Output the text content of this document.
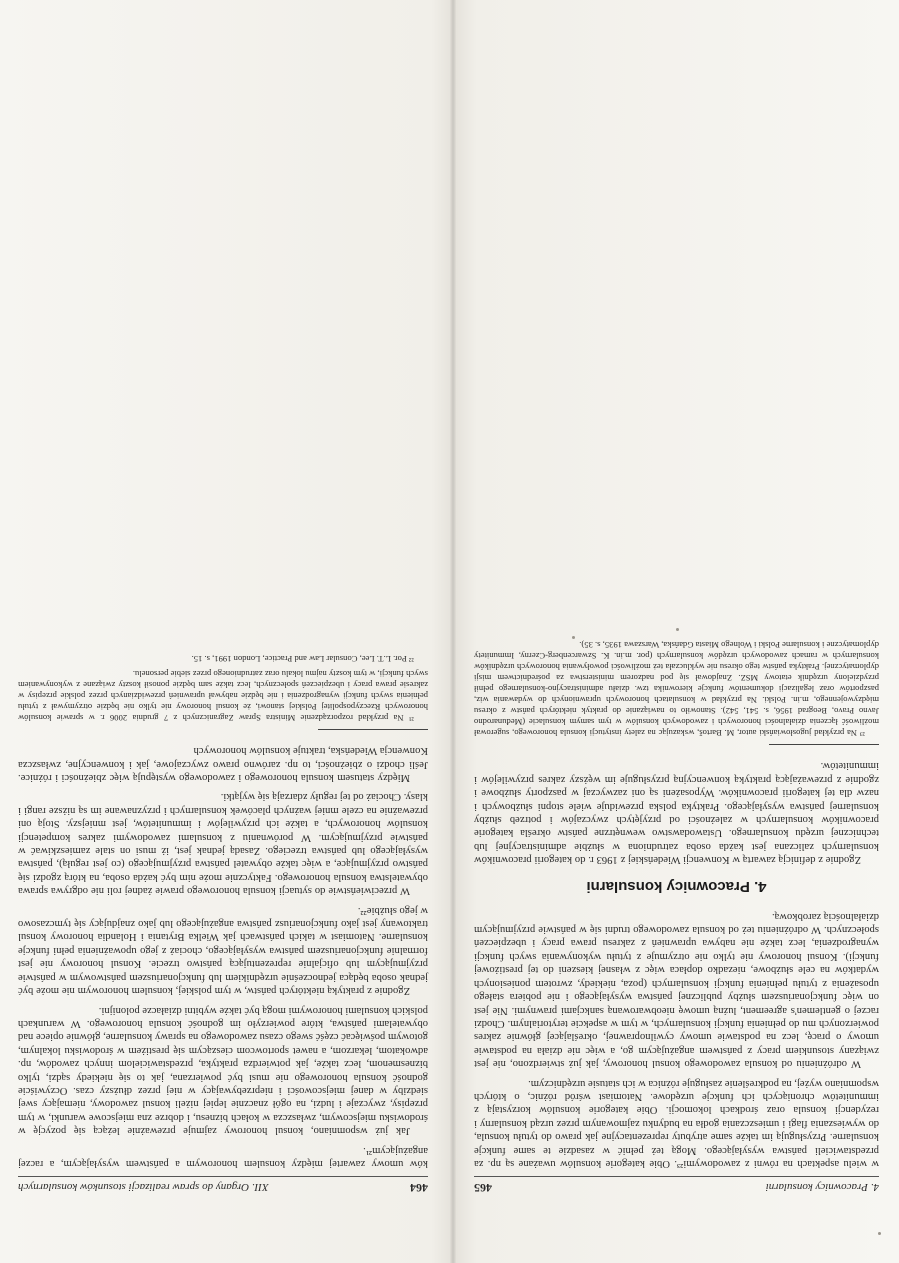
464
XII. Organy do spraw realizacji stosunków konsularnych

ków umowy zawartej między konsulem honorowym a państwem wysyłającym, a raczej angażującym²¹.

Jak już wspomniano, konsul honorowy zajmuje przeważnie leżącą się pozycję w środowisku miejscowym, zwłaszcza w kołach biznesu, i dobrze zna miejscowe warunki, w tym przepisy, zwyczaje i ludzi, na ogół znacznie lepiej niżeli konsul zawodowy, niemający swej siedziby w danej miejscowości i nieprzebywający w niej przez dłuższy czas. Oczywiście godność konsula honorowego nie musi być powierzana, jak to się niekiedy sądzi, tylko biznesmenom, lecz także, jak potwierdza praktyka, przedstawicielom innych zawodów, np. adwokatom, lekarzom, a nawet sportowcom cieszącym się prestiżem w środowisku lokalnym, gotowym poświęcać część swego czasu zawodowego na sprawy konsularne, głównie opiece nad obywatelami państwa, które powierzyło im godność konsula honorowego. W warunkach polskich konsulami honorowymi mogą być także wybitni działacze polonijni.

Zgodnie z praktyką niektórych państw, w tym polskiej, konsulem honorowym nie może być jednak osoba będąca jednocześnie urzędnikiem lub funkcjonariuszem państwowym w państwie przyjmującym lub oficjalnie reprezentującą państwo trzecie. Konsul honorowy nie jest formalnie funkcjonariuszem państwa wysyłającego, chociaż z jego upoważnienia pełni funkcje konsularne. Natomiast w takich państwach jak Wielka Brytania i Holandia honorowy konsul traktowany jest jako funkcjonariusz państwa angażującego lub jako znajdujący się tymczasowo w jego służbie²².

W przeciwieństwie do sytuacji konsula honorowego prawie żadnej roli nie odgrywa sprawa obywatelstwa konsula honorowego. Faktycznie może nim być każda osoba, na którą zgodzi się państwo przyjmujące, a więc także obywatel państwa przyjmującego (co jest regułą), państwa wysyłającego lub państwa trzeciego. Zasadą jednak jest, iż musi on stale zamieszkiwać w państwie przyjmującym. W porównaniu z konsulami zawodowymi zakres kompetencji konsulów honorowych, a także ich przywilejów i immunitetów, jest mniejszy. Stoją oni przeważnie na czele mniej ważnych placówek konsularnych i przyznawane im są niższe rangi i klasy. Chociaż od tej reguły zdarzają się wyjątki.

Między statusem konsula honorowego i zawodowego występują więc zbieżności i różnice. Jeśli chodzi o zbieżności, to np. zarówno prawo zwyczajowe, jak i konwencyjne, zwłaszcza Konwencja Wiedeńska, traktuje konsulów honorowych

²¹ Na przykład rozporządzenie Ministra Spraw Zagranicznych z 7 grudnia 2006 r. w sprawie konsulów honorowych Rzeczypospolitej Polskiej stanowi, że konsul honorowy nie tylko nie będzie otrzymywał z tytułu pełnienia swych funkcji wynagrodzenia i nie będzie nabywał uprawnień przewidzianych przez polskie przepisy w zakresie prawa pracy i ubezpieczeń społecznych, lecz także sam będzie ponosił koszty związane z wykonywaniem swych funkcji, w tym koszty najmu lokalu oraz zatrudnionego przez siebie personelu.

²² Por. L.T. Lee, Consular Law and Practice, London 1991, s. 15.

4. Pracownicy konsularni
465

w wielu aspektach na równi z zawodowymi²³. Obie kategorie konsulów uważane są np. za przedstawicieli państwa wysyłającego. Mogą też pełnić w zasadzie te same funkcje konsularne. Przysługują im także same atrybuty reprezentacyjne jak prawo do tytułu konsula, do wywieszania flagi i umieszczania godła na budynku zajmowanym przez urząd konsularny i rezydencji konsula oraz środkach lokomocji. Obie kategorie konsulów korzystają z immunitetów chroniących ich funkcje urzędowe. Natomiast wśród różnic, o których wspomniano wyżej, na podkreślenie zasługuje różnica w ich statusie urzędniczym.

W odróżnieniu od konsula zawodowego konsul honorowy, jak już stwierdzono, nie jest związany stosunkiem pracy z państwem angażującym go, a więc nie działa na podstawie umowy o pracę, lecz na podstawie umowy cywilnoprawnej, określającej głównie zakres powierzonych mu do pełnienia funkcji konsularnych, w tym w aspekcie terytorialnym. Chodzi raczej o gentlemen's agreement, luźną umowę nieobwarowaną sankcjami prawnymi. Nie jest on więc funkcjonariuszem służby publicznej państwa wysyłającego i nie pobiera stałego uposażenia z tytułu pełnienia funkcji konsularnych (poza, niekiedy, zwrotem poniesionych wydatków na cele służbowe, niezadko dopłaca więc z własnej kieszeni do tej prestiżowej funkcji). Konsul honorowy nie tylko nie otrzymuje z tytułu wykonywania swych funkcji wynagrodzenia, lecz także nie nabywa uprawnień z zakresu prawa pracy i ubezpieczeń społecznych. W odróżnieniu też od konsula zawodowego trudni się w państwie przyjmującym działalnością zarobkową.

4. Pracownicy konsularni

Zgodnie z definicją zawartą w Konwencji Wiedeńskiej z 1963 r. do kategorii pracowników konsularnych zaliczana jest każda osoba zatrudniona w służbie administracyjnej lub technicznej urzędu konsularnego. Ustawodawstwo wewnętrzne państw określa kategorie pracowników konsularnych w zależności od przyjętych zwyczajów i potrzeb służby konsularnej państwa wysyłającego. Praktyka polska przewiduje wiele stopni służbowych i nazw dla tej kategorii pracowników. Wyposażeni są oni zazwyczaj w paszporty służbowe i zgodnie z przeważającą praktyką konwencyjną przysługuje im węższy zakres przywilejów i immunitetów.

²³ Na przykład jugosłowiański autor, M. Bartoš, wskazując na zalety instytucji konsula honorowego, sugerował możliwość łączenia działalności honorowych i zawodowych konsulów w tym samym konsulacie (Međunarodno Javno Pravo, Beograd 1956, s. 541, 542). Stanowiło to nawiązanie do praktyk niektórych państw z okresu międzywojennego, m.in. Polski. Na przykład w konsulatach honorowych uprawnionych do wydawania wiz, paszportów oraz legalizacji dokumentów funkcje kierownika tzw. działu administracyjno-konsularnego pełnił przydzielony urzędnik etatowy MSZ. Znajdował się pod nadzorem ministerstwa za pośrednictwem misji dyplomatycznej. Praktyka państw tego okresu nie wykluczała też możliwości powoływania honorowych urzędników konsularnych w ramach zawodowych urzędów konsularnych (por. m.in. K. Szwarcenberg-Czerny, Immunitety dyplomatyczne i konsularne Polski i Wolnego Miasta Gdańska, Warszawa 1935, s. 35).
